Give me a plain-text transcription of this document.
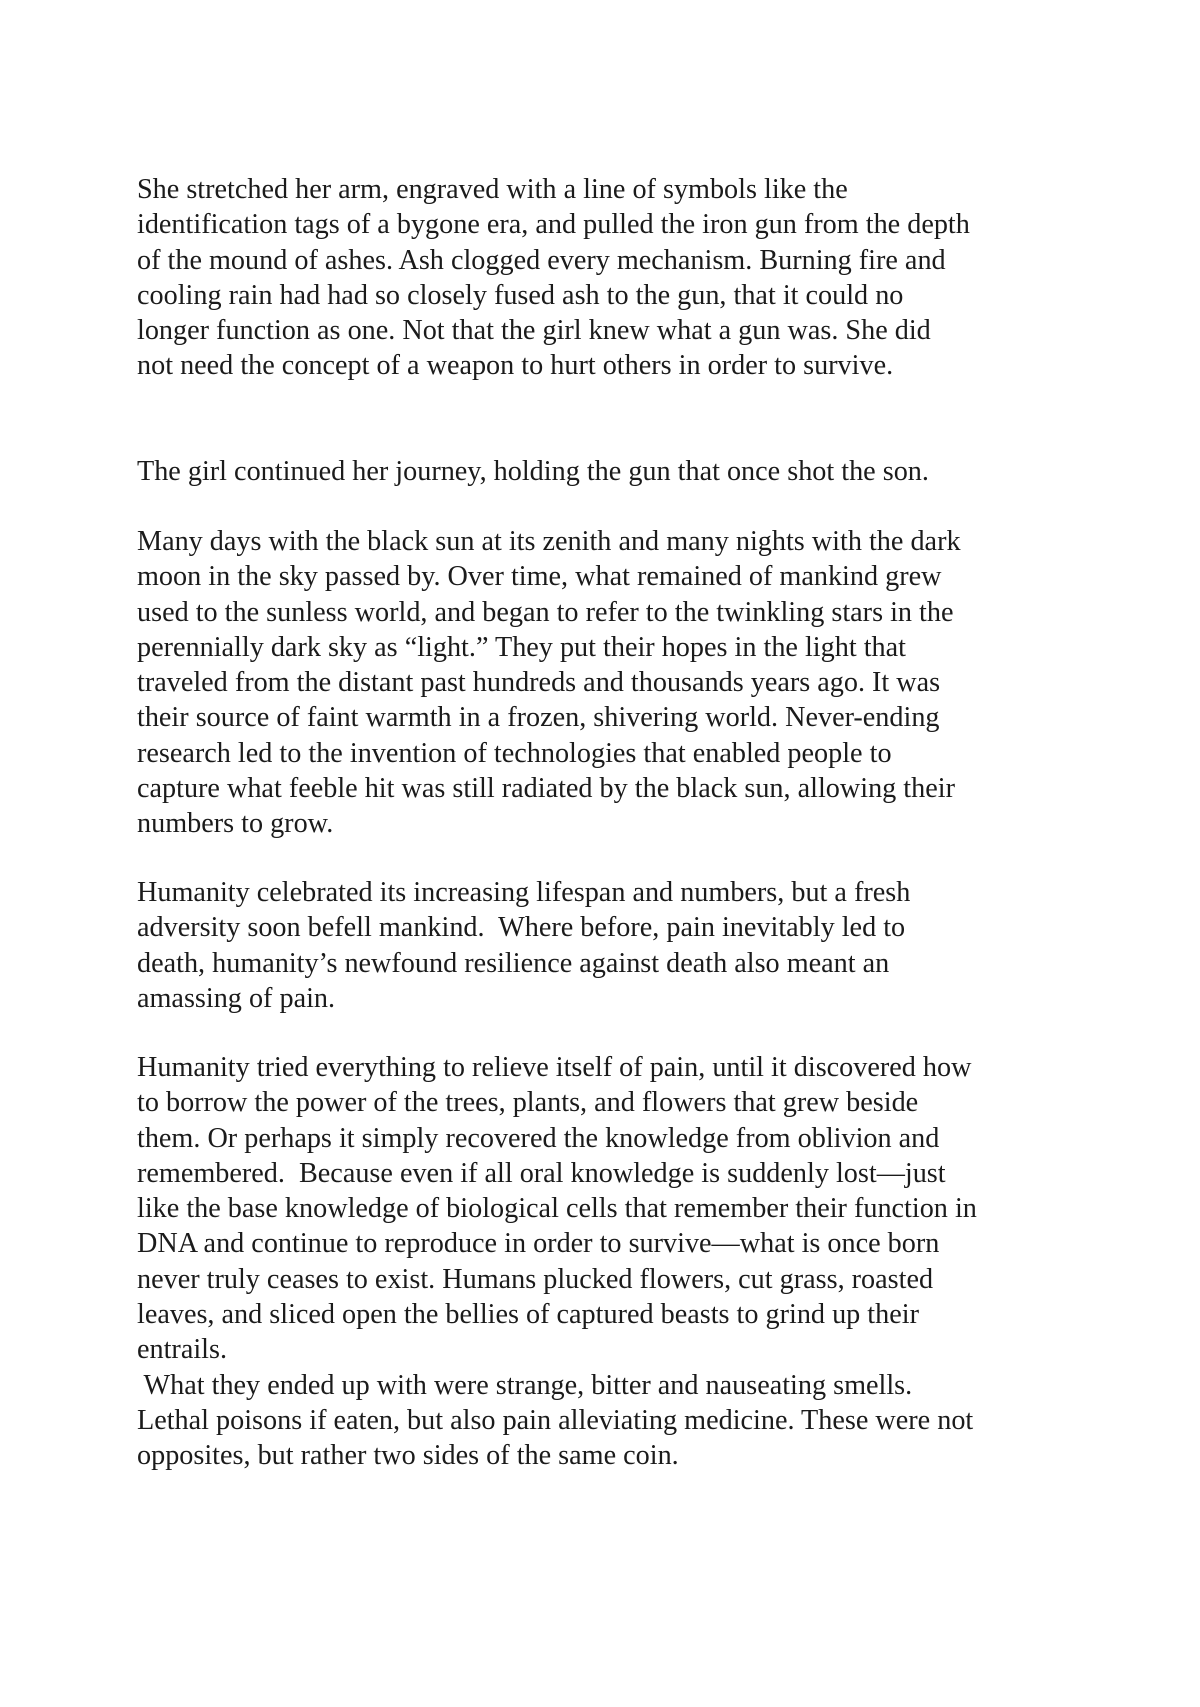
She stretched her arm, engraved with a line of symbols like the
identification tags of a bygone era, and pulled the iron gun from the depth
of the mound of ashes. Ash clogged every mechanism. Burning fire and
cooling rain had had so closely fused ash to the gun, that it could no
longer function as one. Not that the girl knew what a gun was. She did
not need the concept of a weapon to hurt others in order to survive.

The girl continued her journey, holding the gun that once shot the son.

Many days with the black sun at its zenith and many nights with the dark
moon in the sky passed by. Over time, what remained of mankind grew
used to the sunless world, and began to refer to the twinkling stars in the
perennially dark sky as “light.” They put their hopes in the light that
traveled from the distant past hundreds and thousands years ago. It was
their source of faint warmth in a frozen, shivering world. Never-ending
research led to the invention of technologies that enabled people to
capture what feeble hit was still radiated by the black sun, allowing their
numbers to grow.

Humanity celebrated its increasing lifespan and numbers, but a fresh
adversity soon befell mankind.  Where before, pain inevitably led to
death, humanity’s newfound resilience against death also meant an
amassing of pain.

Humanity tried everything to relieve itself of pain, until it discovered how
to borrow the power of the trees, plants, and flowers that grew beside
them. Or perhaps it simply recovered the knowledge from oblivion and
remembered.  Because even if all oral knowledge is suddenly lost—just
like the base knowledge of biological cells that remember their function in
DNA and continue to reproduce in order to survive—what is once born
never truly ceases to exist. Humans plucked flowers, cut grass, roasted
leaves, and sliced open the bellies of captured beasts to grind up their
entrails.
What they ended up with were strange, bitter and nauseating smells.
Lethal poisons if eaten, but also pain alleviating medicine. These were not
opposites, but rather two sides of the same coin.
